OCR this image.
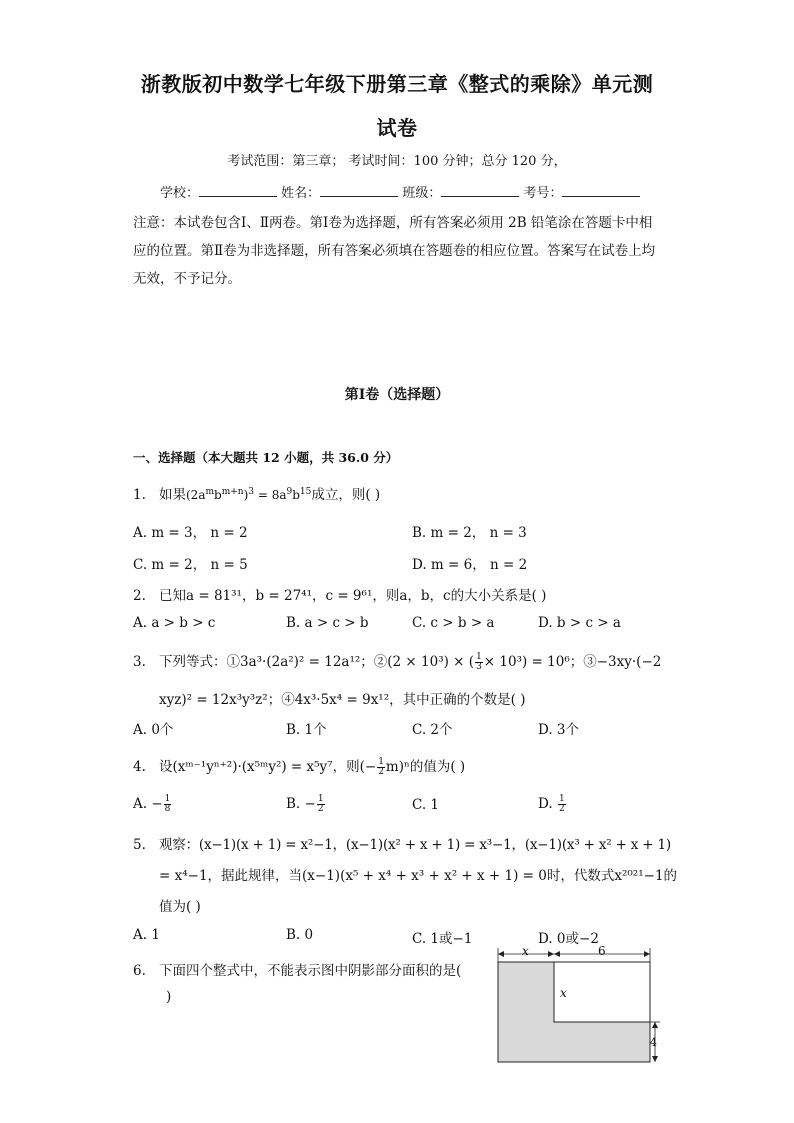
浙教版初中数学七年级下册第三章《整式的乘除》单元测
试卷
考试范围：第三章； 考试时间：100 分钟；总分 120 分，
学校：	姓名：	班级：	考号：
注意：本试卷包含Ⅰ、Ⅱ两卷。第Ⅰ卷为选择题，所有答案必须用 2B 铅笔涂在答题卡中相应的位置。第Ⅱ卷为非选择题，所有答案必须填在答题卷的相应位置。答案写在试卷上均无效，不予记分。
第Ⅰ卷（选择题）
一、选择题（本大题共 12 小题，共 36.0 分）
1. 如果$(2a^mb^{m+n})^3 = 8a^9b^{15}$成立，则( )
A. m = 3， n = 2	B. m = 2， n = 3
C. m = 2， n = 5	D. m = 6， n = 2
2. 已知a = 81³¹，b = 27⁴¹，c = 9⁶¹，则a，b，c的大小关系是( )
A. a > b > c	B. a > c > b	C. c > b > a	D. b > c > a
3. 下列等式：①3a³·(2a²)² = 12a¹²；②(2 × 10³) × ( $\frac{1}{3} \times 10^3) = 10^6$；③−3xy·(−2
xyz)² = 12x³y³z²；④4x³·5x⁴ = 9x¹²，其中正确的个数是( )
A. 0个	B. 1个	C. 2个	D. 3个
4. 设(xᵐ⁻¹yⁿ⁺²)·(x⁵ᵐy²) = x⁵y⁷，则(− $\frac{1}{2} m)^n$的值为( )
A. − $\frac{1}{8}$	B. − $\frac{1}{2}$	C. 1	D. $\frac{1}{2}$
5. 观察：(x−1)(x + 1) = x²−1，(x−1)(x² + x + 1) = x³−1，(x−1)(x³ + x² + x + 1)
= x⁴−1，据此规律，当(x−1)(x⁵ + x⁴ + x³ + x² + x + 1) = 0时，代数式x²⁰²¹−1的
值为( )
A. 1	B. 0	C. 1或−1	D. 0或−2
6. 下面四个整式中，不能表示图中阴影部分面积的是(
)
x	6
x
4
